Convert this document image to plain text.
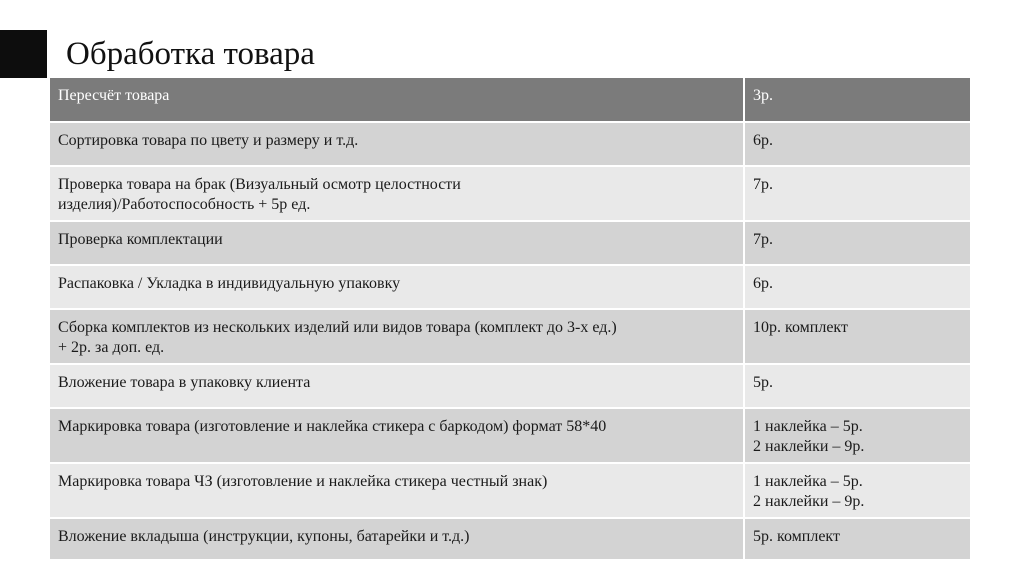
Обработка товара
Пересчёт товара	3р.
Сортировка товара по цвету и размеру и т.д.	6р.
Проверка товара на брак (Визуальный осмотр целостности
изделия)/Работоспособность + 5р ед.	7р.
Проверка комплектации	7р.
Распаковка / Укладка в индивидуальную упаковку	6р.
Сборка комплектов из нескольких изделий или видов товара (комплект до 3-х ед.)
+ 2р. за доп. ед.	10р. комплект
Вложение товара в упаковку клиента	5р.
Маркировка товара (изготовление и наклейка стикера с баркодом) формат 58*40	1 наклейка – 5р.
2 наклейки – 9р.
Маркировка товара ЧЗ (изготовление и наклейка стикера честный знак)	1 наклейка – 5р.
2 наклейки – 9р.
Вложение вкладыша (инструкции, купоны, батарейки и т.д.)	5р. комплект
